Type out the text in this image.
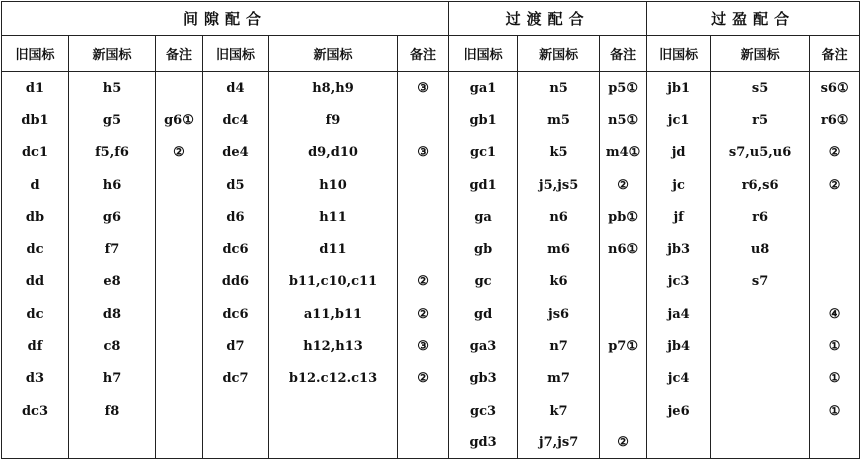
间隙配合						过渡配合			过盈配合		
旧国标	新国标	备注	旧国标	新国标	备注	旧国标	新国标	备注	旧国标	新国标	备注
d1	h5		d4	h8,h9	③	ga1	n5	p5①	jb1	s5	s6①
db1	g5	g6①	dc4	f9		gb1	m5	n5①	jc1	r5	r6①
dc1	f5,f6	②	de4	d9,d10	③	gc1	k5	m4①	jd	s7,u5,u6	②
d	h6		d5	h10		gd1	j5,js5	②	jc	r6,s6	②
db	g6		d6	h11		ga	n6	pb①	jf	r6	
dc	f7		dc6	d11		gb	m6	n6①	jb3	u8	
dd	e8		dd6	b11,c10,c11	②	gc	k6		jc3	s7	
dc	d8		dc6	a11,b11	②	gd	js6		ja4		④
df	c8		d7	h12,h13	③	ga3	n7	p7①	jb4		①
d3	h7		dc7	b12.c12.c13	②	gb3	m7		jc4		①
dc3	f8					gc3	k7		je6		①
						gd3	j7,js7	②			
